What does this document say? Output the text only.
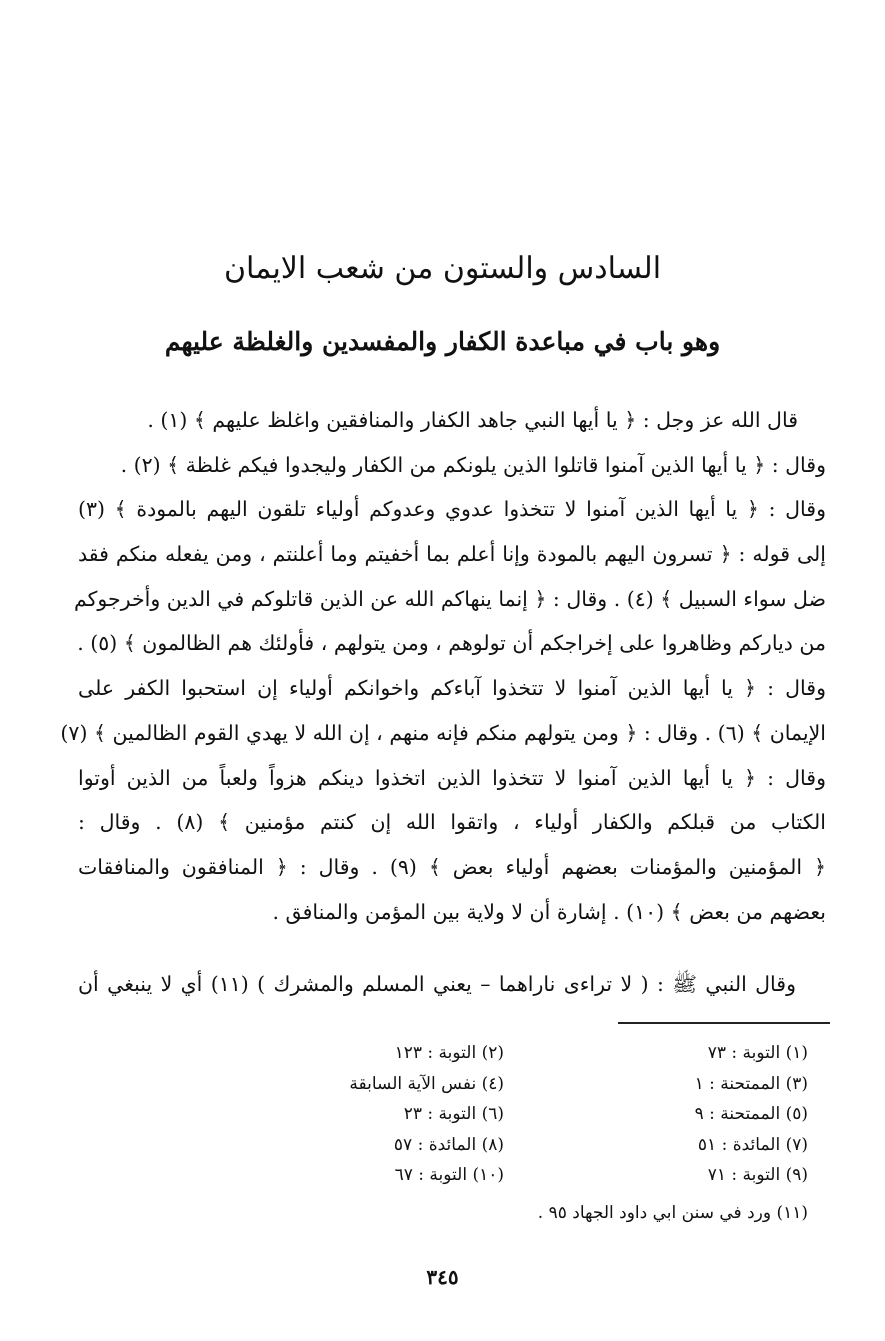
السادس والستون من شعب الايمان
وهو باب في مباعدة الكفار والمفسدين والغلظة عليهم
قال الله عز وجل : ﴿ يا أيها النبي جاهد الكفار والمنافقين واغلظ عليهم ﴾ (١) .
وقال : ﴿ يا أيها الذين آمنوا قاتلوا الذين يلونكم من الكفار وليجدوا فيكم غلظة ﴾ (٢) .
وقال : ﴿ يا أيها الذين آمنوا لا تتخذوا عدوي وعدوكم أولياء تلقون اليهم بالمودة ﴾ (٣)
إلى قوله : ﴿ تسرون اليهم بالمودة وإنا أعلم بما أخفيتم وما أعلنتم ، ومن يفعله منكم فقد
ضل سواء السبيل ﴾ (٤) . وقال : ﴿ إنما ينهاكم الله عن الذين قاتلوكم في الدين وأخرجوكم
من دياركم وظاهروا على إخراجكم أن تولوهم ، ومن يتولهم ، فأولئك هم الظالمون ﴾ (٥) .
وقال : ﴿ يا أيها الذين آمنوا لا تتخذوا آباءكم واخوانكم أولياء إن استحبوا الكفر على
الإيمان ﴾ (٦) . وقال : ﴿ ومن يتولهم منكم فإنه منهم ، إن الله لا يهدي القوم الظالمين ﴾ (٧)
وقال : ﴿ يا أيها الذين آمنوا لا تتخذوا الذين اتخذوا دينكم هزواً ولعباً من الذين أوتوا
الكتاب من قبلكم والكفار أولياء ، واتقوا الله إن كنتم مؤمنين ﴾ (٨) . وقال :
﴿ المؤمنين والمؤمنات بعضهم أولياء بعض ﴾ (٩) . وقال : ﴿ المنافقون والمنافقات
بعضهم من بعض ﴾ (١٠) . إشارة أن لا ولاية بين المؤمن والمنافق .
وقال النبي ﷺ : ( لا تراءى ناراهما – يعني المسلم والمشرك ) (١١) أي لا ينبغي أن
(١) التوبة : ٧٣
(٣) الممتحنة : ١
(٥) الممتحنة : ٩
(٧) المائدة : ٥١
(٩) التوبة : ٧١
(٢) التوبة : ١٢٣
(٤) نفس الآية السابقة
(٦) التوبة : ٢٣
(٨) المائدة : ٥٧
(١٠) التوبة : ٦٧
(١١) ورد في سنن ابي داود الجهاد ٩٥ .
٣٤٥
